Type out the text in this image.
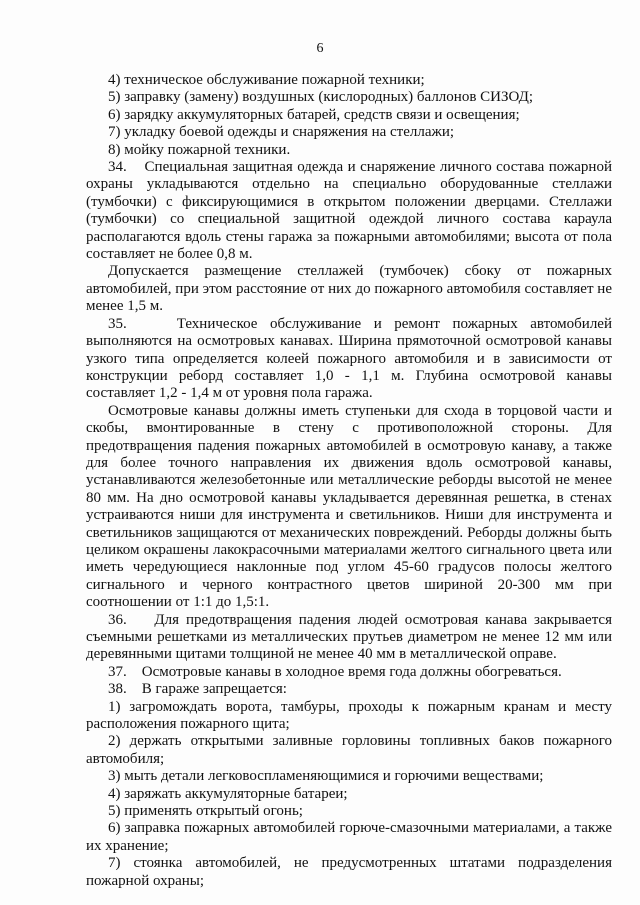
6

4) техническое обслуживание пожарной техники;

5) заправку (замену) воздушных (кислородных) баллонов СИЗОД;

6) зарядку аккумуляторных батарей, средств связи и освещения;

7) укладку боевой одежды и снаряжения на стеллажи;

8) мойку пожарной техники.

34.    Специальная защитная одежда и снаряжение личного состава пожарной охраны укладываются отдельно на специально оборудованные стеллажи (тумбочки) с фиксирующимися в открытом положении дверцами. Стеллажи (тумбочки) со специальной защитной одеждой личного состава караула располагаются вдоль стены гаража за пожарными автомобилями; высота от пола составляет не более 0,8 м.

Допускается размещение стеллажей (тумбочек) сбоку от пожарных автомобилей, при этом расстояние от них до пожарного автомобиля составляет не менее 1,5 м.

35.    Техническое обслуживание и ремонт пожарных автомобилей выполняются на осмотровых канавах. Ширина прямоточной осмотровой канавы узкого типа определяется колеей пожарного автомобиля и в зависимости от конструкции реборд составляет 1,0 - 1,1 м. Глубина осмотровой канавы составляет 1,2 - 1,4 м от уровня пола гаража.

Осмотровые канавы должны иметь ступеньки для схода в торцовой части и скобы, вмонтированные в стену с противоположной стороны. Для предотвращения падения пожарных автомобилей в осмотровую канаву, а также для более точного направления их движения вдоль осмотровой канавы, устанавливаются железобетонные или металлические реборды высотой не менее 80 мм. На дно осмотровой канавы укладывается деревянная решетка, в стенах устраиваются ниши для инструмента и светильников. Ниши для инструмента и светильников защищаются от механических повреждений. Реборды должны быть целиком окрашены лакокрасочными материалами желтого сигнального цвета или иметь чередующиеся наклонные под углом 45-60 градусов полосы желтого сигнального и черного контрастного цветов шириной 20-300 мм при соотношении от 1:1 до 1,5:1.

36.    Для предотвращения падения людей осмотровая канава закрывается съемными решетками из металлических прутьев диаметром не менее 12 мм или деревянными щитами толщиной не менее 40 мм в металлической оправе.

37.    Осмотровые канавы в холодное время года должны обогреваться.

38.    В гараже запрещается:

1) загромождать ворота, тамбуры, проходы к пожарным кранам и месту расположения пожарного щита;

2) держать открытыми заливные горловины топливных баков пожарного автомобиля;

3) мыть детали легковоспламеняющимися и горючими веществами;

4) заряжать аккумуляторные батареи;

5) применять открытый огонь;

6) заправка пожарных автомобилей горюче-смазочными материалами, а также их хранение;

7) стоянка автомобилей, не предусмотренных штатами подразделения пожарной охраны;
